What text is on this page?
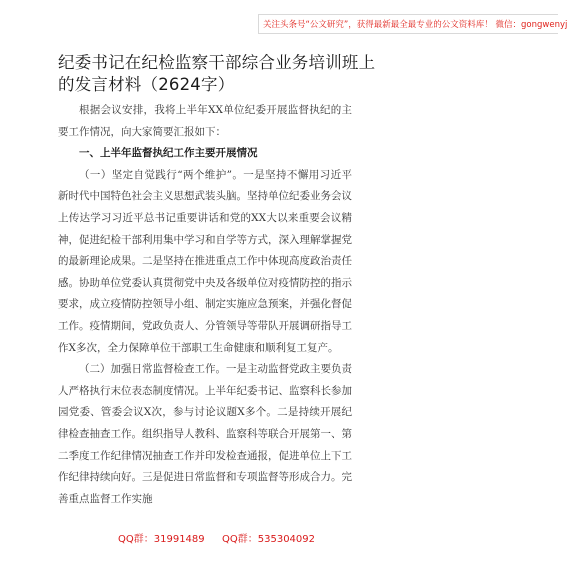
关注头条号“公文研究”，获得最新最全最专业的公文资料库！ 微信：gongwenyj
纪委书记在纪检监察干部综合业务培训班上的发言材料（2624字）

根据会议安排，我将上半年XX单位纪委开展监督执纪的主要工作情况，向大家简要汇报如下：

一、上半年监督执纪工作主要开展情况

（一）坚定自觉践行“两个维护”。一是坚持不懈用习近平新时代中国特色社会主义思想武装头脑。坚持单位纪委业务会议上传达学习习近平总书记重要讲话和党的XX大以来重要会议精神，促进纪检干部利用集中学习和自学等方式，深入理解掌握党的最新理论成果。二是坚持在推进重点工作中体现高度政治责任感。协助单位党委认真贯彻党中央及各级单位对疫情防控的指示要求，成立疫情防控领导小组、制定实施应急预案，并强化督促工作。疫情期间，党政负责人、分管领导等带队开展调研指导工作X多次，全力保障单位干部职工生命健康和顺利复工复产。

（二）加强日常监督检查工作。一是主动监督党政主要负责人严格执行末位表态制度情况。上半年纪委书记、监察科长参加园党委、管委会议X次，参与讨论议题X多个。二是持续开展纪律检查抽查工作。组织指导人教科、监察科等联合开展第一、第二季度工作纪律情况抽查工作并印发检查通报，促进单位上下工作纪律持续向好。三是促进日常监督和专项监督等形成合力。完善重点监督工作实施

QQ群：31991489 QQ群：535304092
